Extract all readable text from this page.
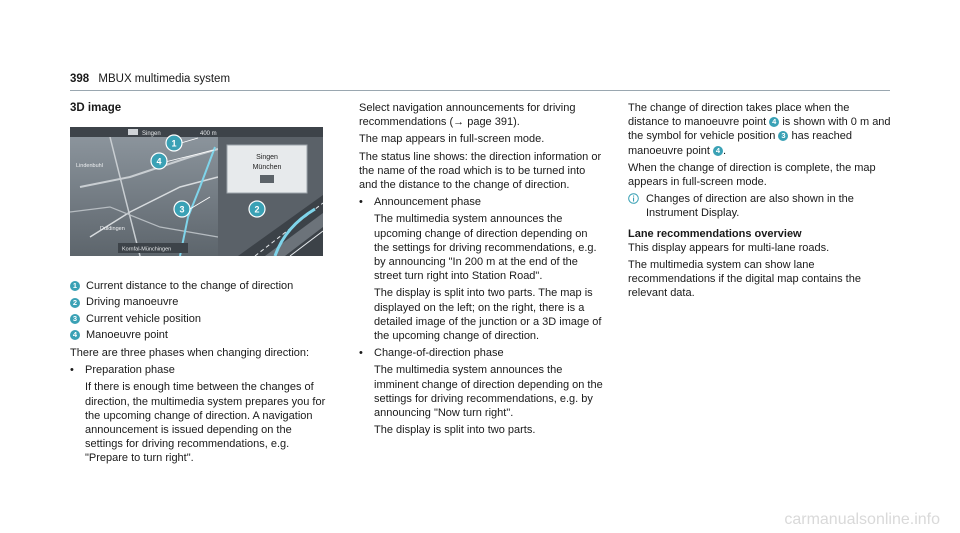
398 MBUX multimedia system
3D image
1 Current distance to the change of direction
2 Driving manoeuvre
3 Current vehicle position
4 Manoeuvre point

There are three phases when changing direction:

• Preparation phase
If there is enough time between the changes of direction, the multimedia system prepares you for the upcoming change of direction. A navigation announcement is issued depending on the settings for driving recommendations, e.g. "Prepare to turn right".
Singen	400 m
Lindenbuhl
Duldingen
Kornfal-Münchingen
Singen
München
1
4
3	2

Select navigation announcements for driving recommendations (→ page 391).

The map appears in full-screen mode.

The status line shows: the direction information or the name of the road which is to be turned into and the distance to the change of direction.

• Announcement phase
The multimedia system announces the upcoming change of direction depending on the settings for driving recommendations, e.g. by announcing "In 200 m at the end of the street turn right into Station Road".
The display is split into two parts. The map is displayed on the left; on the right, there is a detailed image of the junction or a 3D image of the upcoming change of direction.
• Change-of-direction phase
The multimedia system announces the imminent change of direction depending on the settings for driving recommendations, e.g. by announcing "Now turn right".
The display is split into two parts.

The change of direction takes place when the distance to manoeuvre point 4 is shown with 0 m and the symbol for vehicle position 3 has reached manoeuvre point 4 .

When the change of direction is complete, the map appears in full-screen mode.

Changes of direction are also shown in the Instrument Display.
Lane recommendations overview

This display appears for multi-lane roads.

The multimedia system can show lane recommendations if the digital map contains the relevant data.

carmanualsonline.info
